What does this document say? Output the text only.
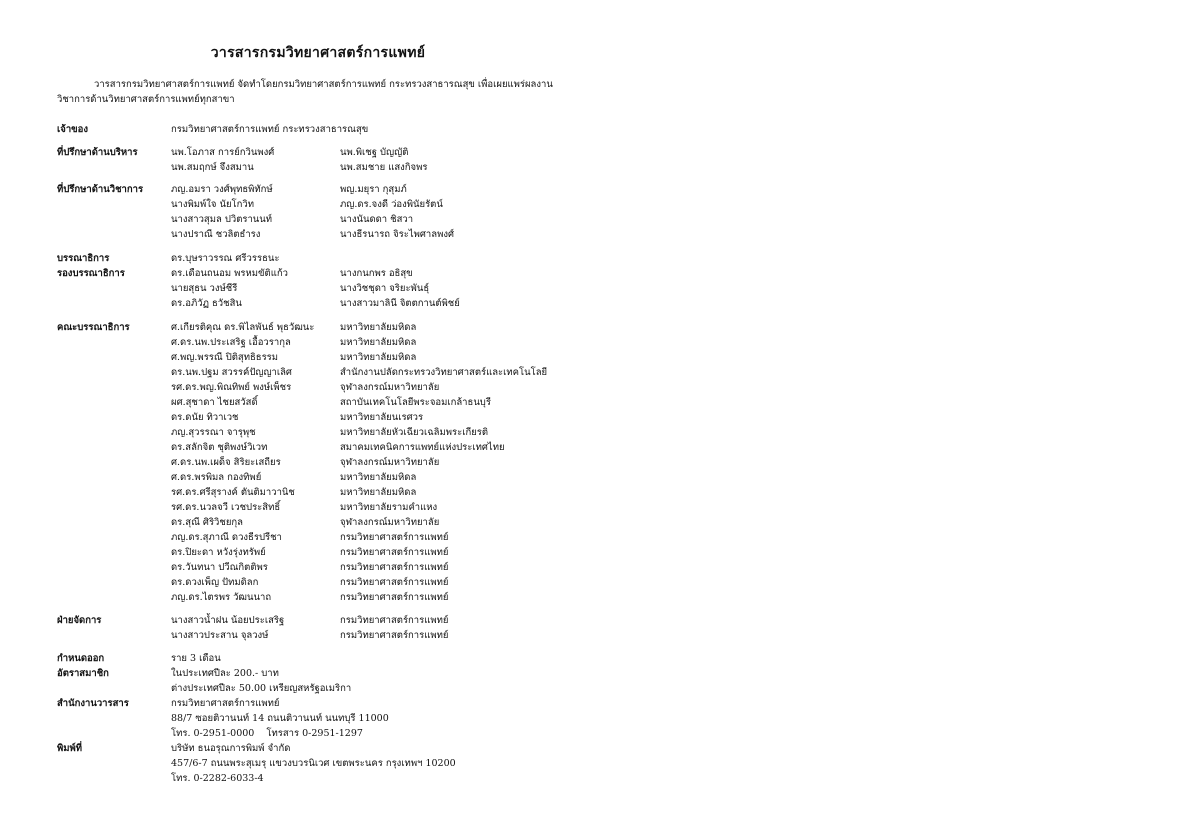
วารสารกรมวิทยาศาสตร์การแพทย์
วารสารกรมวิทยาศาสตร์การแพทย์ จัดทำโดยกรมวิทยาศาสตร์การแพทย์ กระทรวงสาธารณสุข เพื่อเผยแพร่ผลงาน
วิชาการด้านวิทยาศาสตร์การแพทย์ทุกสาขา
เจ้าของ	กรมวิทยาศาสตร์การแพทย์ กระทรวงสาธารณสุข
ที่ปรึกษาด้านบริหาร	นพ.โอภาส การย์กวินพงศ์	นพ.พิเชฐ บัญญัติ
นพ.สมฤกษ์ จึงสมาน	นพ.สมชาย แสงกิจพร
ที่ปรึกษาด้านวิชาการ	ภญ.อมรา วงศ์พุทธพิทักษ์	พญ.มยุรา กุสุมภ์
นางพิมพ์ใจ นัยโกวิท	ภญ.ดร.จงดี ว่องพินัยรัตน์
นางสาวสุมล ปวิตรานนท์	นางนันดดา ชิสวา
นางปราณี ชวลิตธำรง	นางธีรนารถ จิระไพศาลพงศ์
บรรณาธิการ	ดร.บุษราวรรณ ศรีวรรธนะ
รองบรรณาธิการ	ดร.เดือนถนอม พรหมขัติแก้ว	นางกนกพร อธิสุข
นายสุธน วงษ์ชีรี	นางวิชชุดา จริยะพันธุ์
ดร.อภิวัฏ ธวัชสิน	นางสาวมาลินี จิตตกานต์พิชย์
คณะบรรณาธิการ	ศ.เกียรติคุณ ดร.พิไลพันธ์ พุธวัฒนะ	มหาวิทยาลัยมหิดล
ศ.ดร.นพ.ประเสริฐ เอื้อวรากุล	มหาวิทยาลัยมหิดล
ศ.พญ.พรรณี ปิติสุทธิธรรม	มหาวิทยาลัยมหิดล
ดร.นพ.ปฐม สวรรค์ปัญญาเลิศ	สำนักงานปลัดกระทรวงวิทยาศาสตร์และเทคโนโลยี
รศ.ดร.พญ.พิณทิพย์ พงษ์เพ็ชร	จุฬาลงกรณ์มหาวิทยาลัย
ผศ.สุชาดา ไชยสวัสดิ์	สถาบันเทคโนโลยีพระจอมเกล้าธนบุรี
ดร.ดนัย ทิวาเวช	มหาวิทยาลัยนเรศวร
ภญ.สุวรรณา จารุพุช	มหาวิทยาลัยหัวเฉียวเฉลิมพระเกียรติ
ดร.สลักจิต ชุติพงษ์วิเวท	สมาคมเทคนิคการแพทย์แห่งประเทศไทย
ศ.ดร.นพ.เผด็จ สิริยะเสถียร	จุฬาลงกรณ์มหาวิทยาลัย
ศ.ดร.พรพิมล กองทิพย์	มหาวิทยาลัยมหิดล
รศ.ดร.ศรีสุรางค์ ตันติมาวานิช	มหาวิทยาลัยมหิดล
รศ.ดร.นวลจวี เวชประสิทธิ์	มหาวิทยาลัยรามคำแหง
ดร.สุณี ศิริวิชยกุล	จุฬาลงกรณ์มหาวิทยาลัย
ภญ.ดร.สุภาณี ดวงธีรปรีชา	กรมวิทยาศาสตร์การแพทย์
ดร.ปิยะดา หวังรุ่งทรัพย์	กรมวิทยาศาสตร์การแพทย์
ดร.วันทนา ปวีณกิตติพร	กรมวิทยาศาสตร์การแพทย์
ดร.ดวงเพ็ญ ปัทมดิลก	กรมวิทยาศาสตร์การแพทย์
ภญ.ดร.ไตรพร วัฒนนาถ	กรมวิทยาศาสตร์การแพทย์
ฝ่ายจัดการ	นางสาวน้ำฝน น้อยประเสริฐ	กรมวิทยาศาสตร์การแพทย์
นางสาวประสาน จุลวงษ์	กรมวิทยาศาสตร์การแพทย์
กำหนดออก	ราย 3 เดือน
อัตราสมาชิก	ในประเทศปีละ 200.- บาท
ต่างประเทศปีละ 50.00 เหรียญสหรัฐอเมริกา
สำนักงานวารสาร	กรมวิทยาศาสตร์การแพทย์
88/7 ซอยติวานนท์ 14 ถนนติวานนท์ นนทบุรี 11000
โทร. 0-2951-0000    โทรสาร 0-2951-1297
พิมพ์ที่	บริษัท ธนอรุณการพิมพ์ จำกัด
457/6-7 ถนนพระสุเมรุ แขวงบวรนิเวศ เขตพระนคร กรุงเทพฯ 10200
โทร. 0-2282-6033-4
